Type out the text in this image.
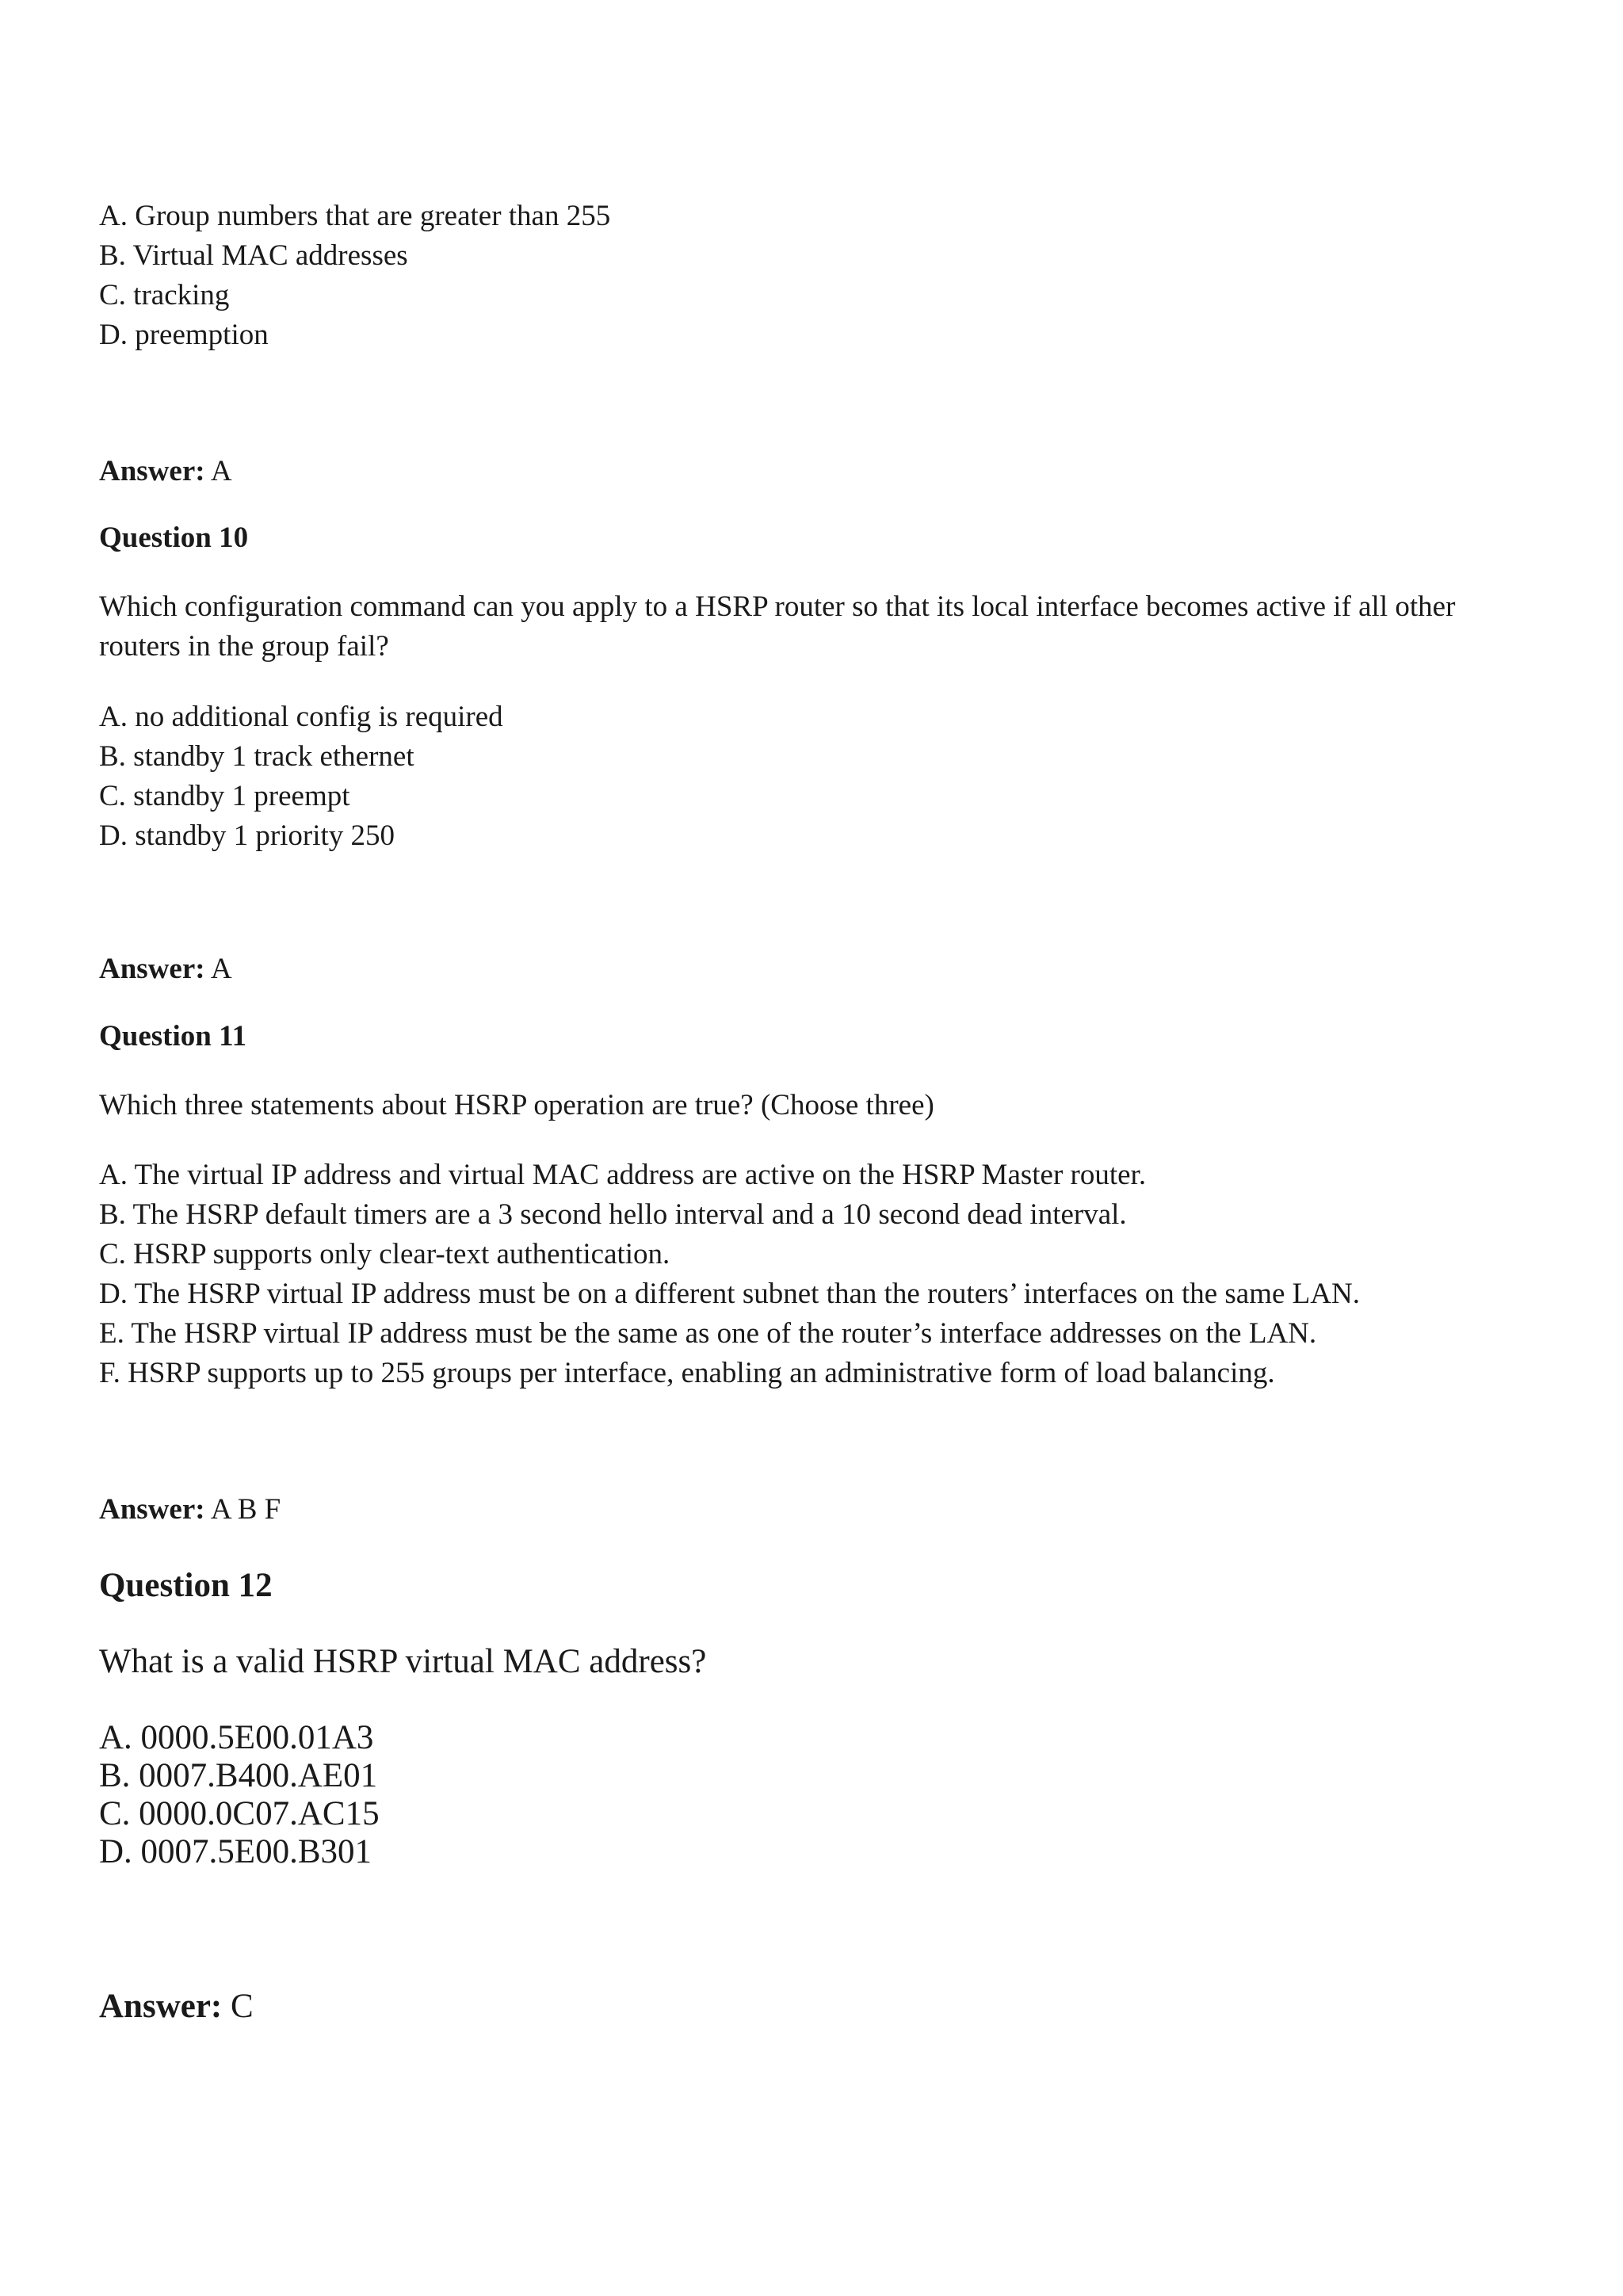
A. Group numbers that are greater than 255
B. Virtual MAC addresses
C. tracking
D. preemption
Answer: A
Question 10
Which configuration command can you apply to a HSRP router so that its local interface becomes active if all other routers in the group fail?
A. no additional config is required
B. standby 1 track ethernet
C. standby 1 preempt
D. standby 1 priority 250
Answer: A
Question 11
Which three statements about HSRP operation are true? (Choose three)
A. The virtual IP address and virtual MAC address are active on the HSRP Master router.
B. The HSRP default timers are a 3 second hello interval and a 10 second dead interval.
C. HSRP supports only clear-text authentication.
D. The HSRP virtual IP address must be on a different subnet than the routers’ interfaces on the same LAN.
E. The HSRP virtual IP address must be the same as one of the router’s interface addresses on the LAN.
F. HSRP supports up to 255 groups per interface, enabling an administrative form of load balancing.
Answer: A B F
Question 12
What is a valid HSRP virtual MAC address?
A. 0000.5E00.01A3
B. 0007.B400.AE01
C. 0000.0C07.AC15
D. 0007.5E00.B301
Answer: C
